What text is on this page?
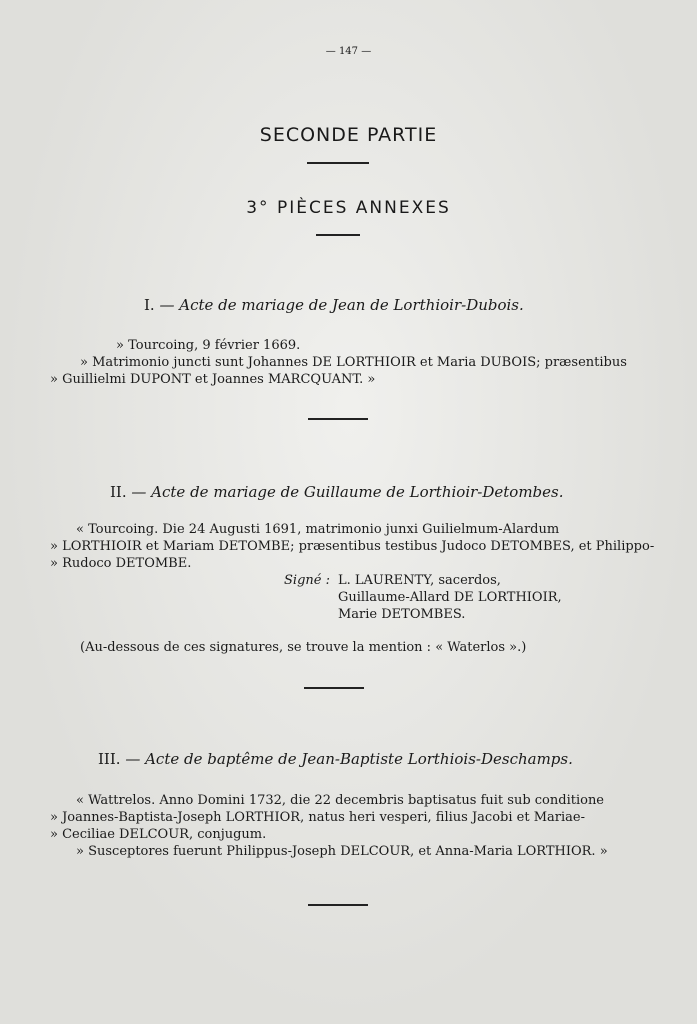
— 147 —
SECONDE PARTIE
3° PIÈCES ANNEXES
I. — Acte de mariage de Jean de Lorthioir-Dubois.
» Tourcoing, 9 février 1669.
» Matrimonio juncti sunt Johannes DE LORTHIOIR et Maria DUBOIS; præsentibus
» Guillielmi DUPONT et Joannes MARCQUANT. »
II. — Acte de mariage de Guillaume de Lorthioir-Detombes.
« Tourcoing. Die 24 Augusti 1691, matrimonio junxi Guilielmum-Alardum
» LORTHIOIR et Mariam DETOMBE; præsentibus testibus Judoco DETOMBES, et Philippo-
» Rudoco DETOMBE.
Signé : L. LAURENTY, sacerdos,
Guillaume-Allard DE LORTHIOIR,
Marie DETOMBES.
(Au-dessous de ces signatures, se trouve la mention : « Waterlos ».)
III. — Acte de baptême de Jean-Baptiste Lorthiois-Deschamps.
« Wattrelos. Anno Domini 1732, die 22 decembris baptisatus fuit sub conditione
» Joannes-Baptista-Joseph LORTHIOR, natus heri vesperi, filius Jacobi et Mariae-
» Ceciliae DELCOUR, conjugum.
» Susceptores fuerunt Philippus-Joseph DELCOUR, et Anna-Maria LORTHIOR. »
